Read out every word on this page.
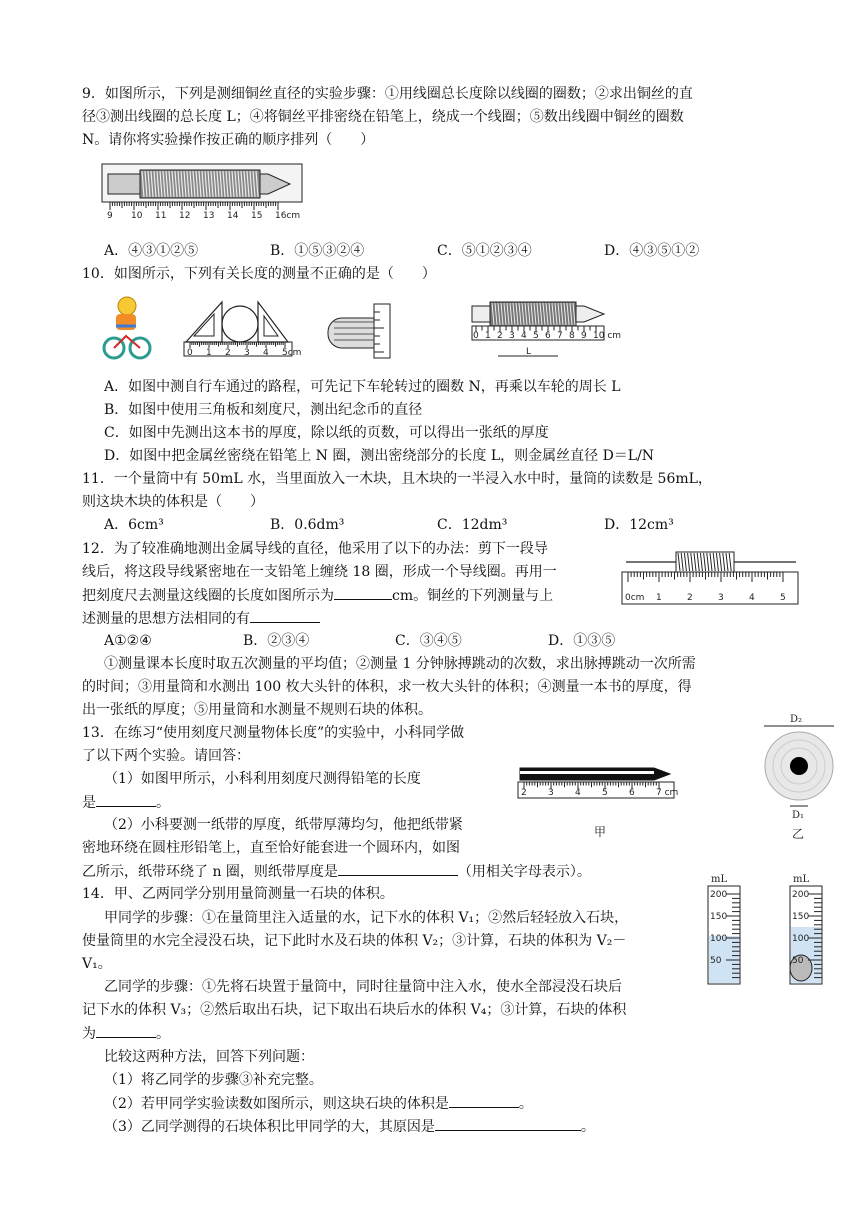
9．如图所示，下列是测细铜丝直径的实验步骤：①用线圈总长度除以线圈的圈数；②求出铜丝的直
径③测出线圈的总长度 L；④将铜丝平排密绕在铅笔上，绕成一个线圈；⑤数出线圈中铜丝的圈数
N。请你将实验操作按正确的顺序排列（　　）
9 10 11 12 13 14 15 16cm
A．④③①②⑤	B．①⑤③②④	C．⑤①②③④	D．④③⑤①②
10．如图所示，下列有关长度的测量不正确的是（　　）
0 1 2 3 4 5cm
0 1 2 3 4 5 6 7 8 9 10 cm
L
A．如图中测自行车通过的路程，可先记下车轮转过的圈数 N，再乘以车轮的周长 L
B．如图中使用三角板和刻度尺，测出纪念币的直径
C．如图中先测出这本书的厚度，除以纸的页数，可以得出一张纸的厚度
D．如图中把金属丝密绕在铅笔上 N 圈，测出密绕部分的长度 L，则金属丝直径 D＝L/N
11．一个量筒中有 50mL 水，当里面放入一木块，且木块的一半浸入水中时，量筒的读数是 56mL，
则这块木块的体积是（　　）
A．6cm³	B．0.6dm³	C．12dm³	D．12cm³
12．为了较准确地测出金属导线的直径，他采用了以下的办法：剪下一段导
线后，将这段导线紧密地在一支铅笔上缠绕 18 圈，形成一个导线圈。再用一
把刻度尺去测量这线圈的长度如图所示为	cm。铜丝的下列测量与上
述测量的思想方法相同的有
0cm 1	2	3	4	5
A①②④	B．②③④	C．③④⑤	D．①③⑤
①测量课本长度时取五次测量的平均值；②测量 1 分钟脉搏跳动的次数，求出脉搏跳动一次所需
的时间；③用量筒和水测出 100 枚大头针的体积，求一枚大头针的体积；④测量一本书的厚度，得
出一张纸的厚度；⑤用量筒和水测量不规则石块的体积。
13．在练习“使用刻度尺测量物体长度”的实验中，小科同学做
了以下两个实验。请回答：
（1）如图甲所示，小科利用刻度尺测得铅笔的长度
是	。
（2）小科要测一纸带的厚度，纸带厚薄均匀，他把纸带紧
密地环绕在圆柱形铅笔上，直至恰好能套进一个圆环内，如图
乙所示，纸带环绕了 n 圈，则纸带厚度是	（用相关字母表示）。
2 3 4 5 6 7 cm
甲
D₂
D₁
乙
14．甲、乙两同学分别用量筒测量一石块的体积。
甲同学的步骤：①在量筒里注入适量的水，记下水的体积 V₁；②然后轻轻放入石块，
使量筒里的水完全浸没石块，记下此时水及石块的体积 V₂；③计算，石块的体积为 V₂－
V₁。
乙同学的步骤：①先将石块置于量筒中，同时往量筒中注入水，使水全部浸没石块后
记下水的体积 V₃；②然后取出石块，记下取出石块后水的体积 V₄；③计算，石块的体积
为	。
比较这两种方法，回答下列问题：
（1）将乙同学的步骤③补充完整。
（2）若甲同学实验读数如图所示，则这块石块的体积是	。
（3）乙同学测得的石块体积比甲同学的大，其原因是	。
mL
200
150
100
50
mL
200
150
100
50
